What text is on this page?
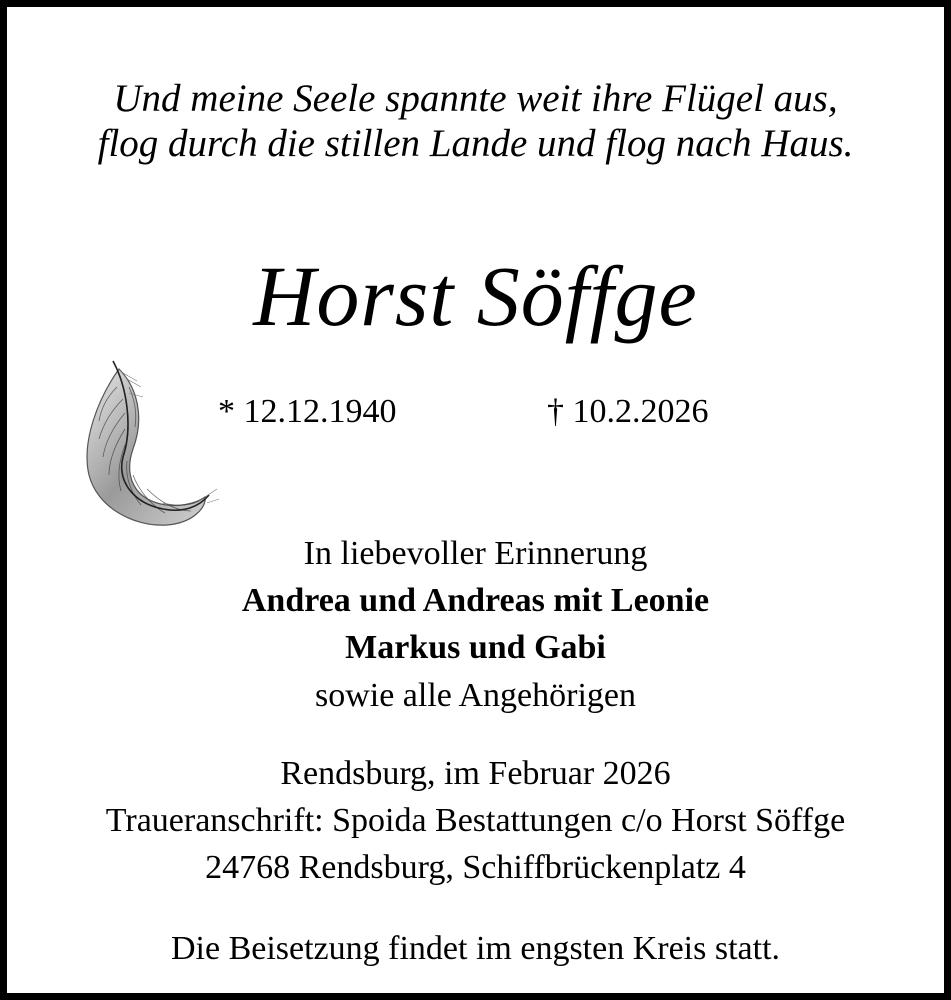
Und meine Seele spannte weit ihre Flügel aus,
flog durch die stillen Lande und flog nach Haus.
Horst Söffge
* 12.12.1940	† 10.2.2026
In liebevoller Erinnerung
Andrea und Andreas mit Leonie
Markus und Gabi
sowie alle Angehörigen
Rendsburg, im Februar 2026
Traueranschrift: Spoida Bestattungen c/o Horst Söffge
24768 Rendsburg, Schiffbrückenplatz 4
Die Beisetzung findet im engsten Kreis statt.
